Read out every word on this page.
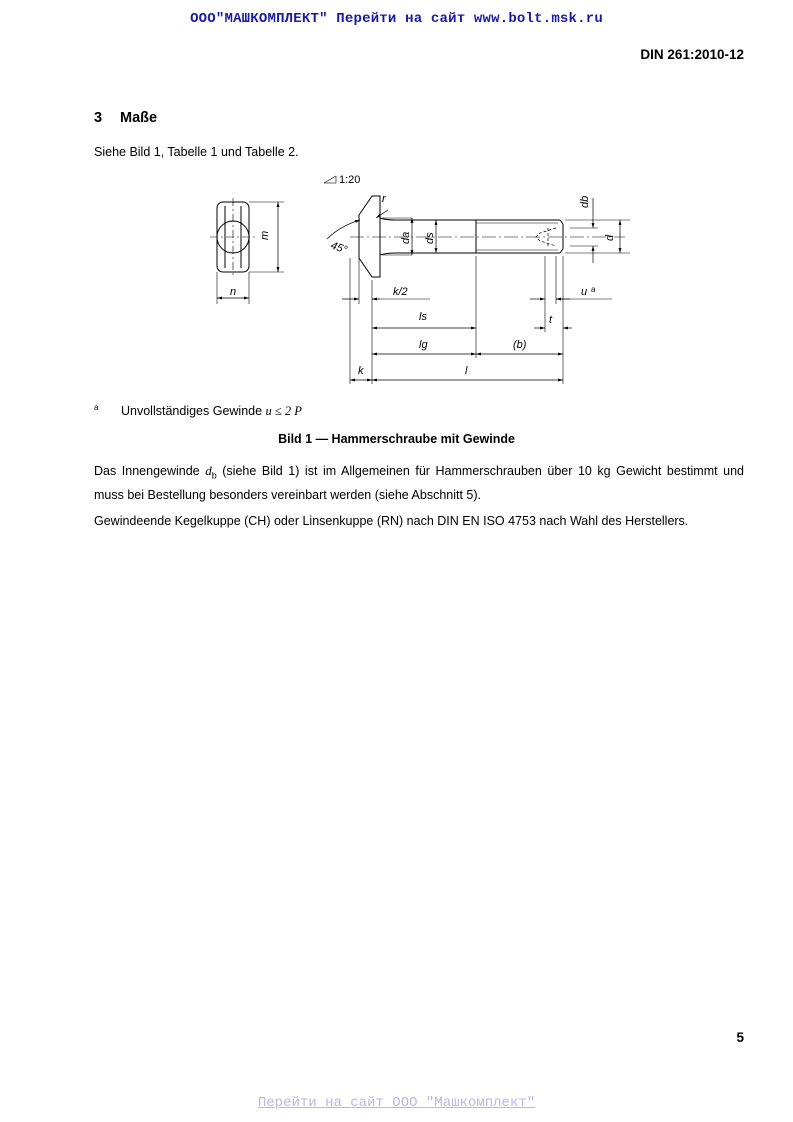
ООО"МАШКОМПЛЕКТ" Перейти на сайт www.bolt.msk.ru
DIN 261:2010-12
3 Maße
Siehe Bild 1, Tabelle 1 und Tabelle 2.
m
n
1:20
r
45°
da ds
db
d
k/2
ls
lg	(b)
t
u a
k	l
a Unvollständiges Gewinde u ≤ 2 P
Bild 1 — Hammerschraube mit Gewinde
Das Innengewinde $d_b$ (siehe Bild 1) ist im Allgemeinen für Hammerschrauben über 10 kg Gewicht bestimmt und muss bei Bestellung besonders vereinbart werden (siehe Abschnitt 5).
Gewindeende Kegelkuppe (CH) oder Linsenkuppe (RN) nach DIN EN ISO 4753 nach Wahl des Herstellers.
5
Перейти на сайт ООО "Машкомплект"
